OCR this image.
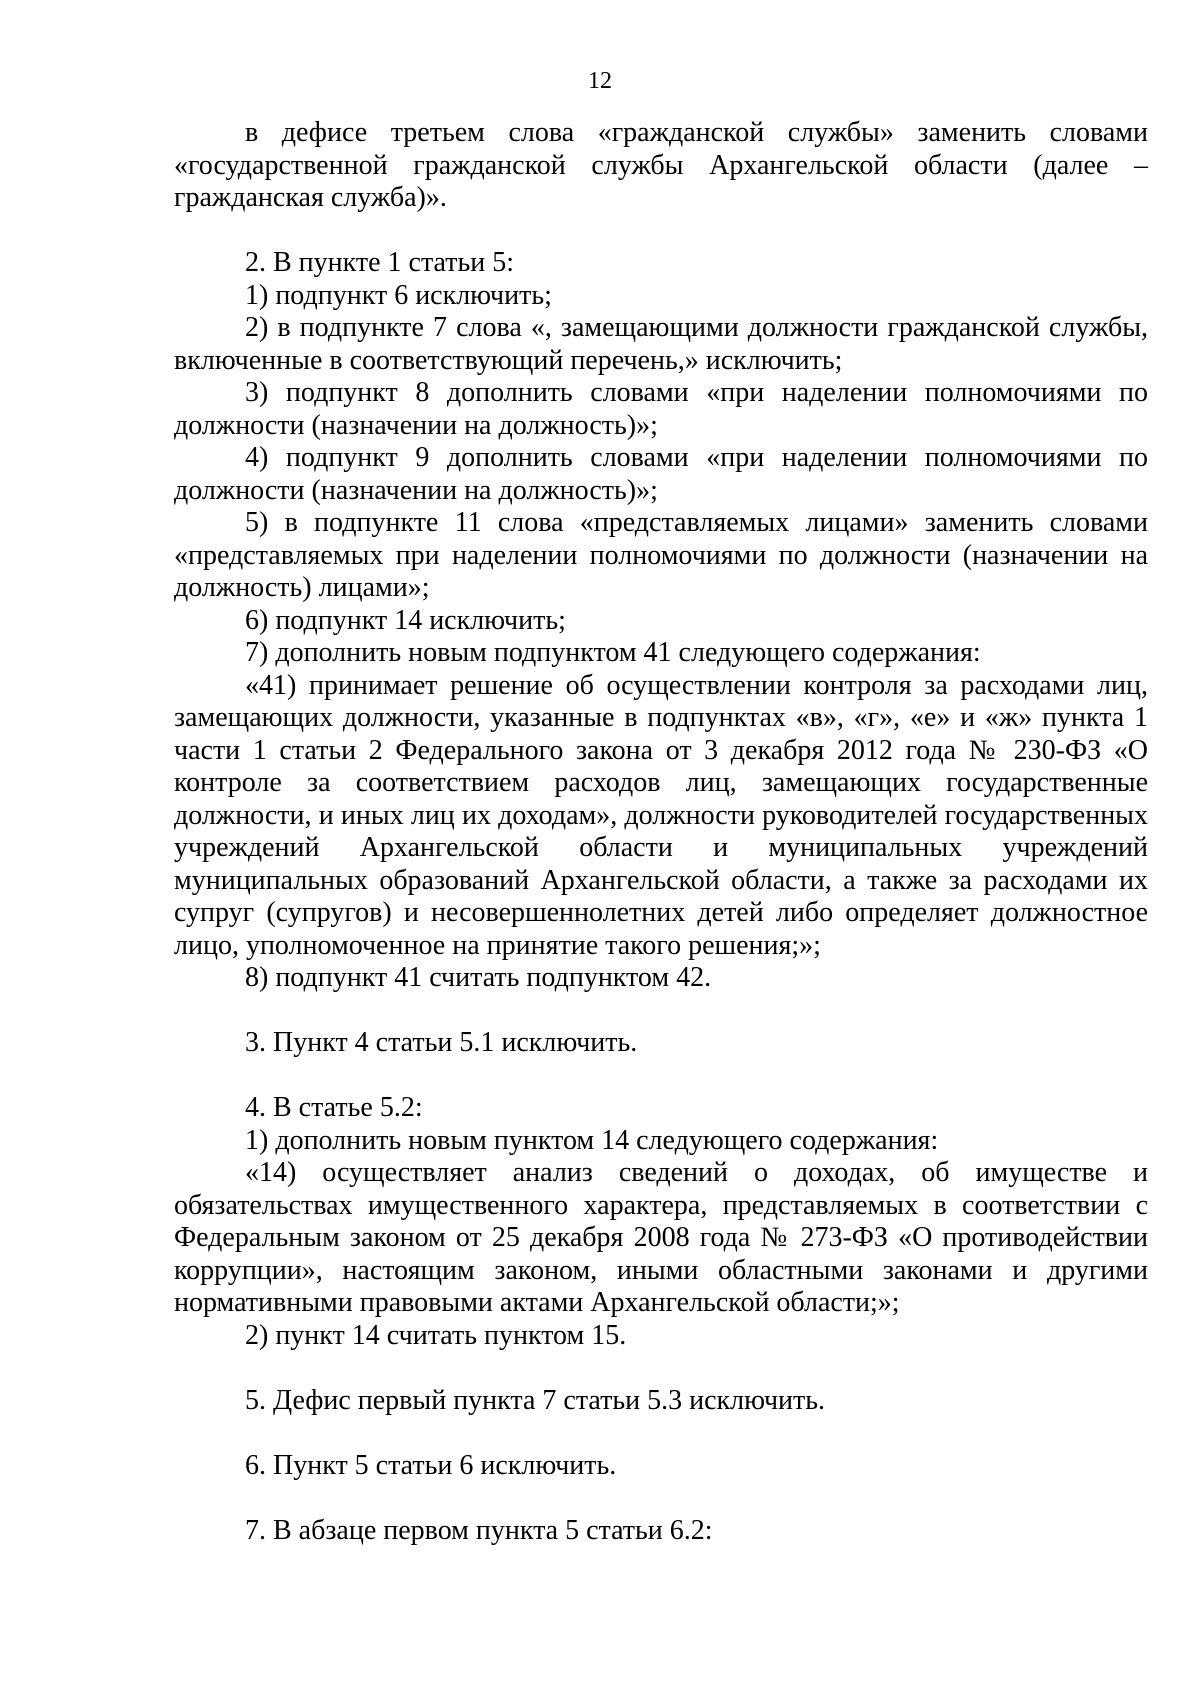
12

в дефисе третьем слова «гражданской службы» заменить словами «государственной гражданской службы Архангельской области (далее – гражданская служба)».

2. В пункте 1 статьи 5:

1) подпункт 6 исключить;

2) в подпункте 7 слова «, замещающими должности гражданской службы, включенные в соответствующий перечень,» исключить;

3) подпункт 8 дополнить словами «при наделении полномочиями по должности (назначении на должность)»;

4) подпункт 9 дополнить словами «при наделении полномочиями по должности (назначении на должность)»;

5) в подпункте 11 слова «представляемых лицами» заменить словами «представляемых при наделении полномочиями по должности (назначении на должность) лицами»;

6) подпункт 14 исключить;

7) дополнить новым подпунктом 41 следующего содержания:

«41) принимает решение об осуществлении контроля за расходами лиц, замещающих должности, указанные в подпунктах «в», «г», «е» и «ж» пункта 1 части 1 статьи 2 Федерального закона от 3 декабря 2012 года № 230-ФЗ «О контроле за соответствием расходов лиц, замещающих государственные должности, и иных лиц их доходам», должности руководителей государственных учреждений Архангельской области и муниципальных учреждений муниципальных образований Архангельской области, а также за расходами их супруг (супругов) и несовершеннолетних детей либо определяет должностное лицо, уполномоченное на принятие такого решения;»;

8) подпункт 41 считать подпунктом 42.

3. Пункт 4 статьи 5.1 исключить.

4. В статье 5.2:

1) дополнить новым пунктом 14 следующего содержания:

«14) осуществляет анализ сведений о доходах, об имуществе и обязательствах имущественного характера, представляемых в соответствии с Федеральным законом от 25 декабря 2008 года № 273-ФЗ «О противодействии коррупции», настоящим законом, иными областными законами и другими нормативными правовыми актами Архангельской области;»;

2) пункт 14 считать пунктом 15.

5. Дефис первый пункта 7 статьи 5.3 исключить.

6. Пункт 5 статьи 6 исключить.

7. В абзаце первом пункта 5 статьи 6.2:
